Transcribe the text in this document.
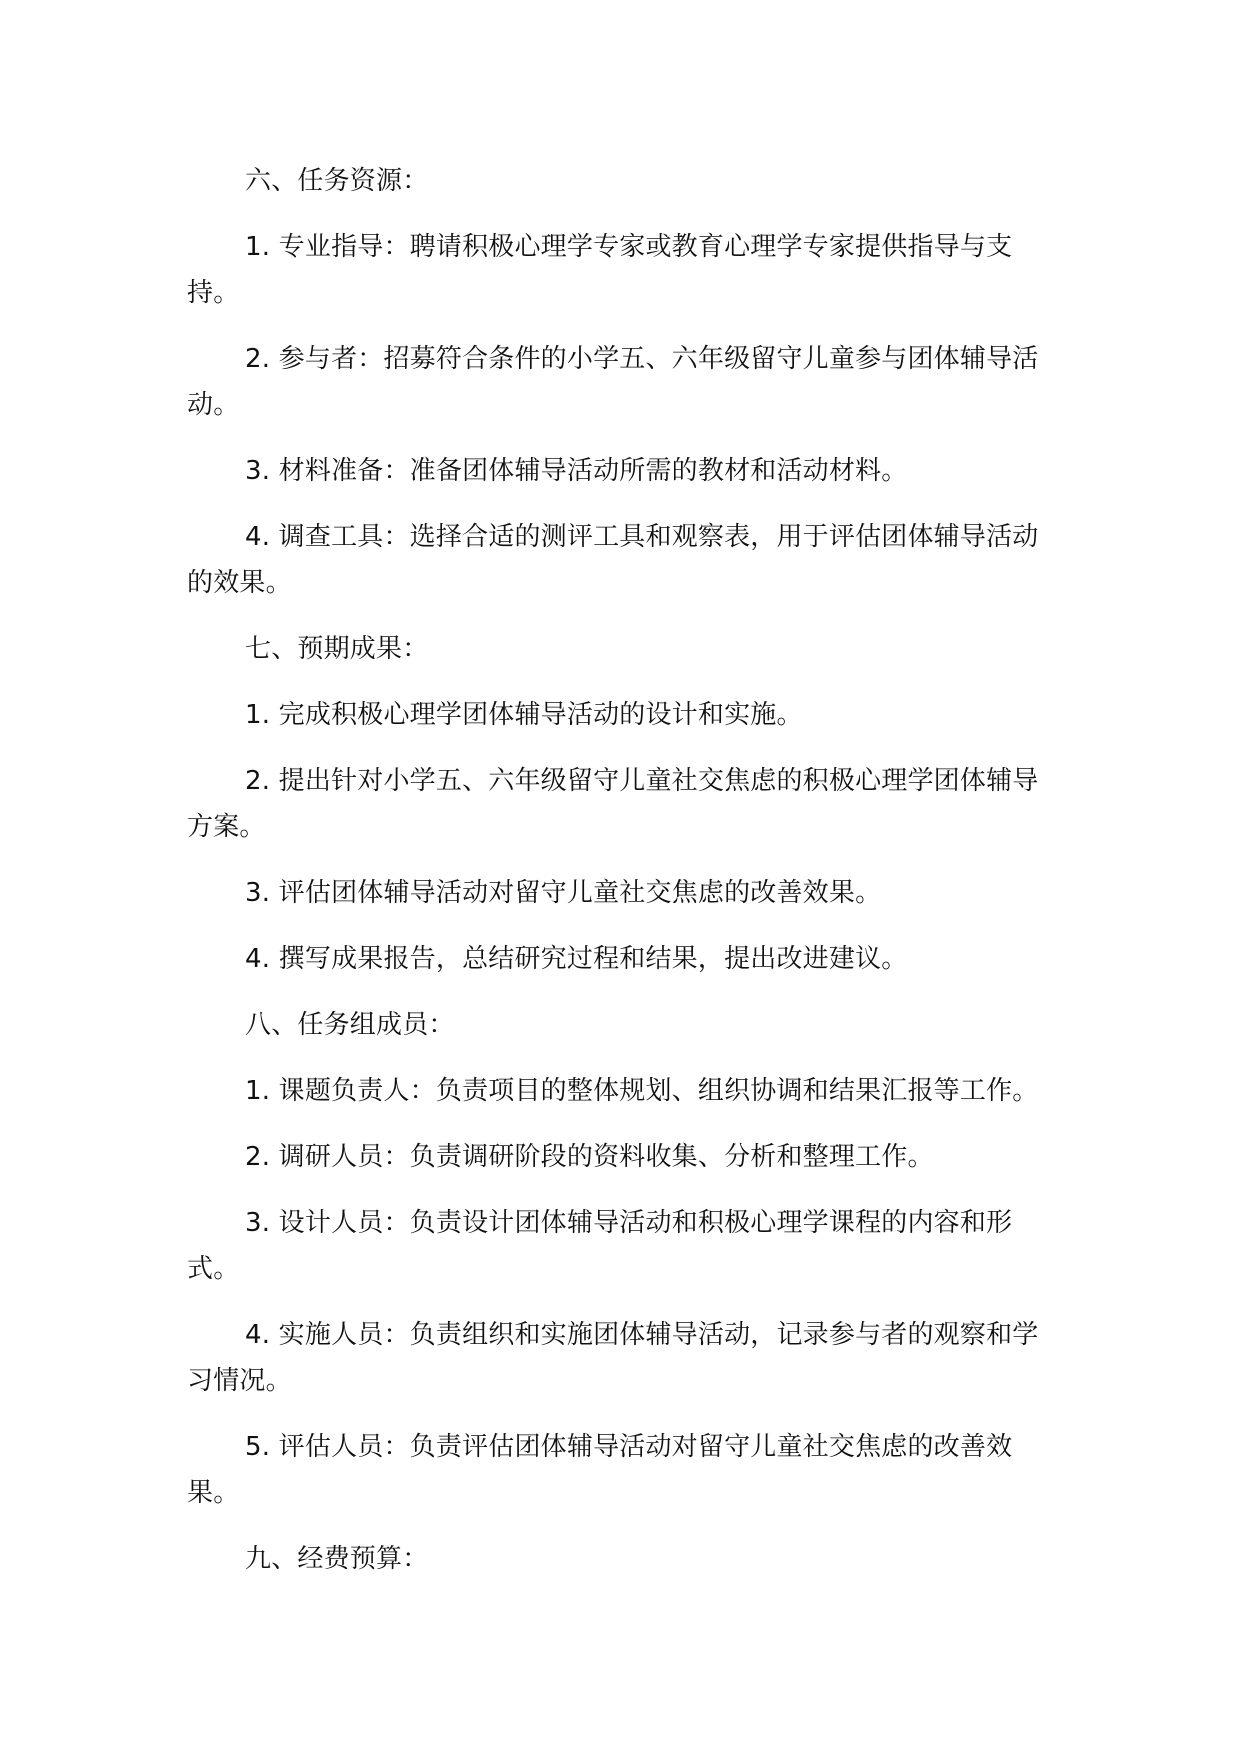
六、任务资源：

1. 专业指导：聘请积极心理学专家或教育心理学专家提供指导与支持。

2. 参与者：招募符合条件的小学五、六年级留守儿童参与团体辅导活动。

3. 材料准备：准备团体辅导活动所需的教材和活动材料。

4. 调查工具：选择合适的测评工具和观察表，用于评估团体辅导活动的效果。

七、预期成果：

1. 完成积极心理学团体辅导活动的设计和实施。

2. 提出针对小学五、六年级留守儿童社交焦虑的积极心理学团体辅导方案。

3. 评估团体辅导活动对留守儿童社交焦虑的改善效果。

4. 撰写成果报告，总结研究过程和结果，提出改进建议。

八、任务组成员：

1. 课题负责人：负责项目的整体规划、组织协调和结果汇报等工作。

2. 调研人员：负责调研阶段的资料收集、分析和整理工作。

3. 设计人员：负责设计团体辅导活动和积极心理学课程的内容和形式。

4. 实施人员：负责组织和实施团体辅导活动，记录参与者的观察和学习情况。

5. 评估人员：负责评估团体辅导活动对留守儿童社交焦虑的改善效果。

九、经费预算：
